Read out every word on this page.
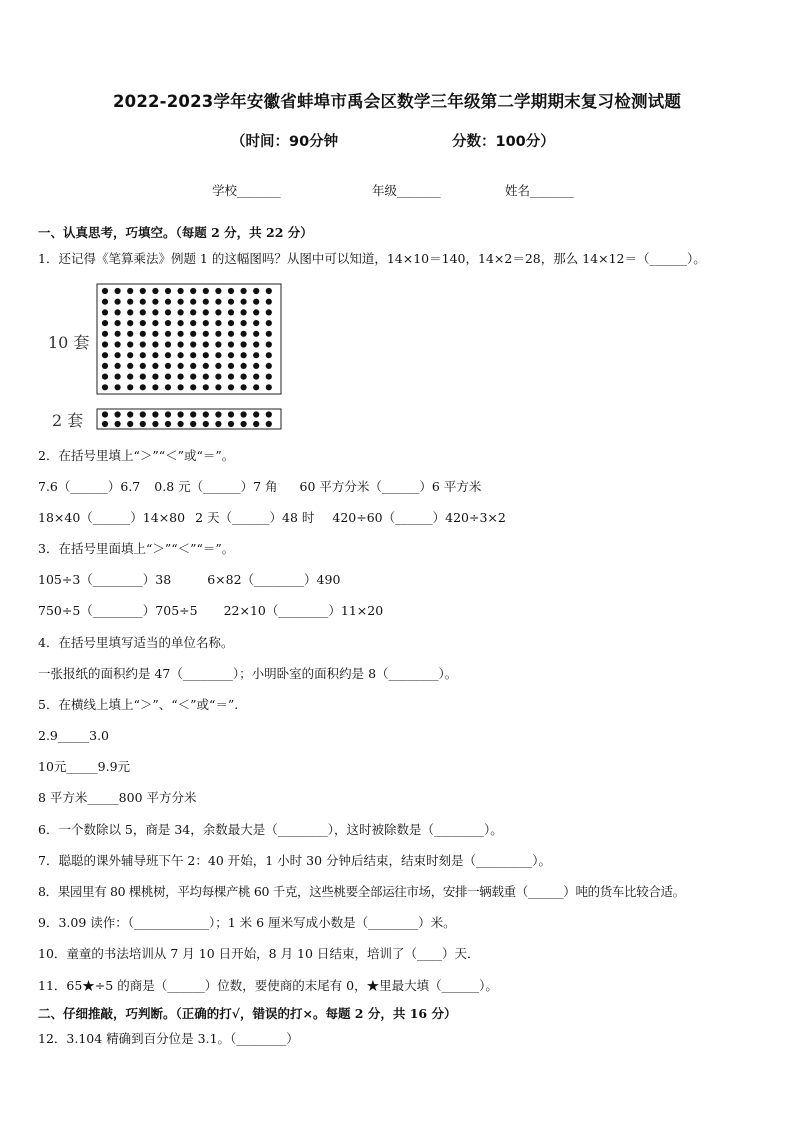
2022-2023学年安徽省蚌埠市禹会区数学三年级第二学期期末复习检测试题
（时间：90分钟	分数：100分）
学校_______	年级_______	姓名_______
一、认真思考，巧填空。（每题 2 分，共 22 分）
1．还记得《笔算乘法》例题 1 的这幅图吗？从图中可以知道，14×10＝140，14×2＝28，那么 14×12＝（______）。
10 套
2 套
2．在括号里填上“＞”“＜”或“＝”。
7.6（______）6.7 0.8 元（______）7 角 60 平方分米（______）6 平方米
18×40（______）14×80 2 天（______）48 时 420÷60（______）420÷3×2
3．在括号里面填上“＞”“＜”“＝”。
105÷3（________）38	6×82（________）490
750÷5（________）705÷5 22×10（________）11×20
4．在括号里填写适当的单位名称。
一张报纸的面积约是 47（________）；小明卧室的面积约是 8（________）。
5．在横线上填上“＞”、“＜”或“＝”.
2.9_____3.0
10元_____9.9元
8 平方米_____800 平方分米
6．一个数除以 5，商是 34，余数最大是（________），这时被除数是（________）。
7．聪聪的课外辅导班下午 2：40 开始，1 小时 30 分钟后结束，结束时刻是（_________）。
8．果园里有 80 棵桃树，平均每棵产桃 60 千克，这些桃要全部运往市场，安排一辆载重（______）吨的货车比较合适。
9．3.09 读作：（____________）；1 米 6 厘米写成小数是（________）米。
10．童童的书法培训从 7 月 10 日开始，8 月 10 日结束，培训了（____）天．
11．65★÷5 的商是（______）位数，要使商的末尾有 0，★里最大填（______）。
二、仔细推敲，巧判断。（正确的打√，错误的打×。每题 2 分，共 16 分）
12．3.104 精确到百分位是 3.1。（________）
